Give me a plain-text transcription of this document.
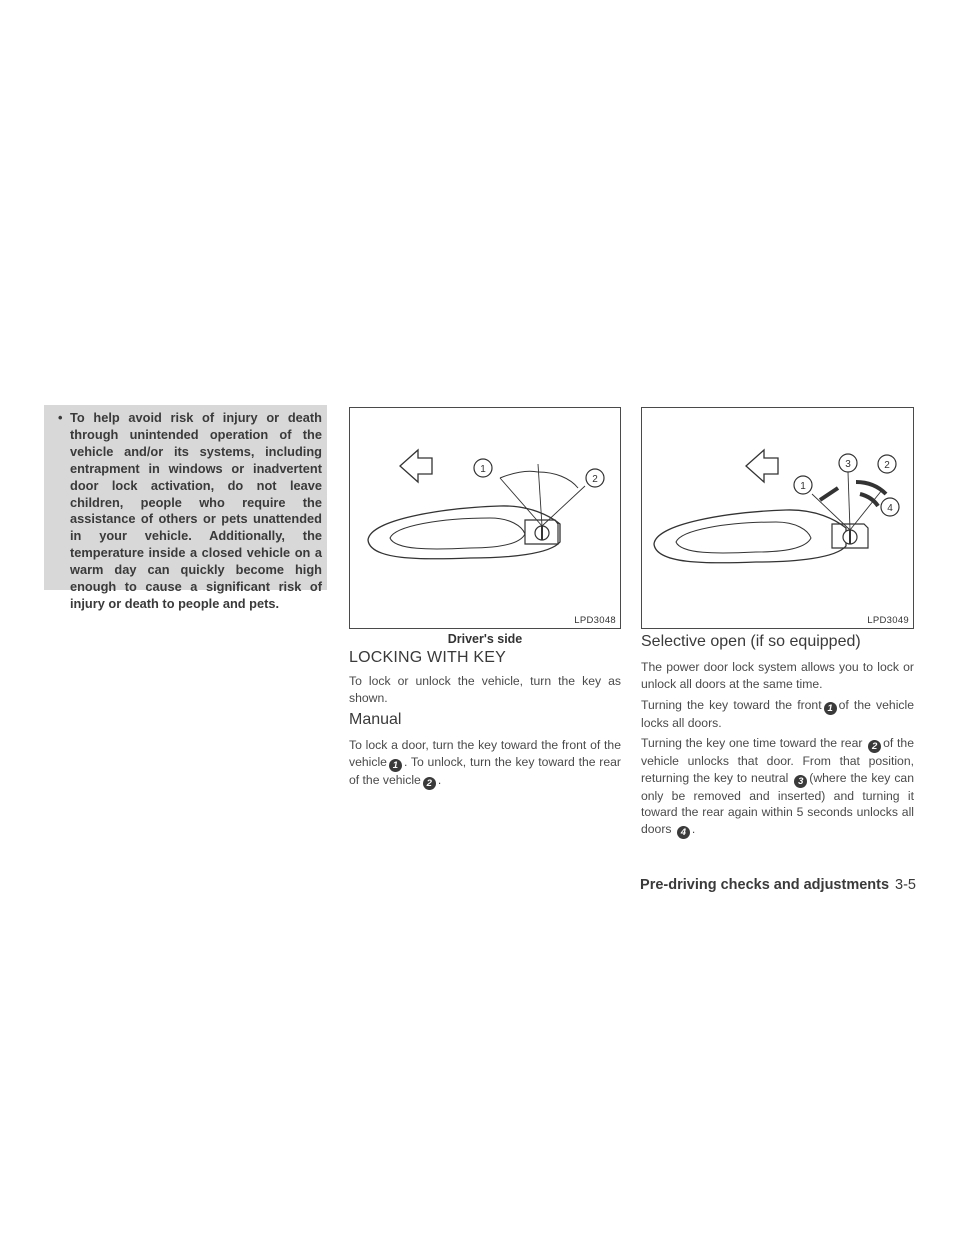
• To help avoid risk of injury or death through unintended operation of the vehicle and/or its systems, including entrapment in windows or inadvertent door lock activation, do not leave children, people who require the assistance of others or pets unattended in your vehicle. Additionally, the temperature inside a closed vehicle on a warm day can quickly become high enough to cause a significant risk of injury or death to people and pets.

1
2
LPD3048
Driver's side
1
3	2
4
LPD3049
LOCKING WITH KEY

To lock or unlock the vehicle, turn the key as shown.

Manual

To lock a door, turn the key toward the front of the vehicle 1 . To unlock, turn the key toward the rear of the vehicle 2 .

Selective open (if so equipped)

The power door lock system allows you to lock or unlock all doors at the same time.

Turning the key toward the front 1 of the vehicle locks all doors.

Turning the key one time toward the rear 2 of the vehicle unlocks that door. From that position, returning the key to neutral 3 (where the key can only be removed and inserted) and turning it toward the rear again within 5 seconds unlocks all doors 4 .

Pre-driving checks and adjustments 3-5
